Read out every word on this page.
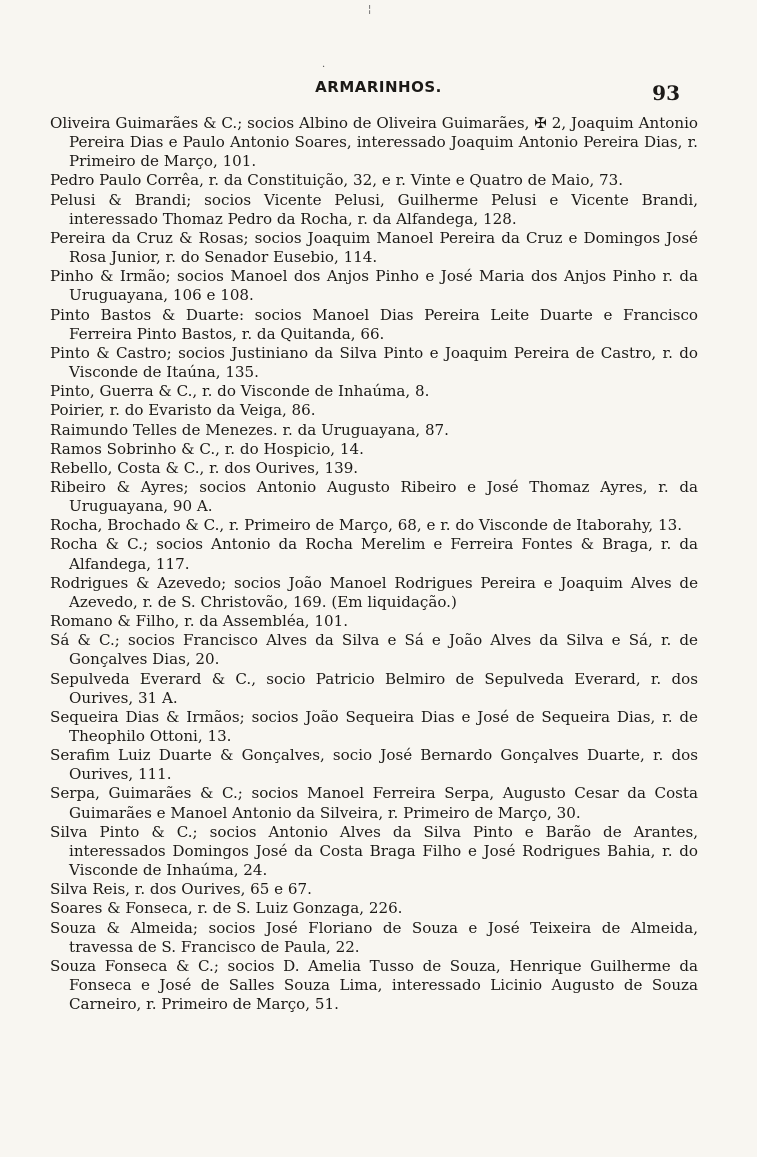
¦
·
ARMARINHOS.	93

Oliveira Guimarães & C.; socios Albino de Oliveira Guimarães, ✠ 2, Joaquim Antonio Pereira Dias e Paulo Antonio Soares, interessado Joaquim Antonio Pereira Dias, r. Primeiro de Março, 101.

Pedro Paulo Corrêa, r. da Constituição, 32, e r. Vinte e Quatro de Maio, 73.

Pelusi & Brandi; socios Vicente Pelusi, Guilherme Pelusi e Vicente Brandi, interessado Thomaz Pedro da Rocha, r. da Alfandega, 128.

Pereira da Cruz & Rosas; socios Joaquim Manoel Pereira da Cruz e Domingos José Rosa Junior, r. do Senador Eusebio, 114.

Pinho & Irmão; socios Manoel dos Anjos Pinho e José Maria dos Anjos Pinho r. da Uruguayana, 106 e 108.

Pinto Bastos & Duarte: socios Manoel Dias Pereira Leite Duarte e Francisco Ferreira Pinto Bastos, r. da Quitanda, 66.

Pinto & Castro; socios Justiniano da Silva Pinto e Joaquim Pereira de Castro, r. do Visconde de Itaúna, 135.

Pinto, Guerra & C., r. do Visconde de Inhaúma, 8.

Poirier, r. do Evaristo da Veiga, 86.

Raimundo Telles de Menezes. r. da Uruguayana, 87.

Ramos Sobrinho & C., r. do Hospicio, 14.

Rebello, Costa & C., r. dos Ourives, 139.

Ribeiro & Ayres; socios Antonio Augusto Ribeiro e José Thomaz Ayres, r. da Uruguayana, 90 A.

Rocha, Brochado & C., r. Primeiro de Março, 68, e r. do Visconde de Itaborahy, 13.

Rocha & C.; socios Antonio da Rocha Merelim e Ferreira Fontes & Braga, r. da Alfandega, 117.

Rodrigues & Azevedo; socios João Manoel Rodrigues Pereira e Joaquim Alves de Azevedo, r. de S. Christovão, 169. (Em liquidação.)

Romano & Filho, r. da Assembléa, 101.

Sá & C.; socios Francisco Alves da Silva e Sá e João Alves da Silva e Sá, r. de Gonçalves Dias, 20.

Sepulveda Everard & C., socio Patricio Belmiro de Sepulveda Everard, r. dos Ourives, 31 A.

Sequeira Dias & Irmãos; socios João Sequeira Dias e José de Sequeira Dias, r. de Theophilo Ottoni, 13.

Serafim Luiz Duarte & Gonçalves, socio José Bernardo Gonçalves Duarte, r. dos Ourives, 111.

Serpa, Guimarães & C.; socios Manoel Ferreira Serpa, Augusto Cesar da Costa Guimarães e Manoel Antonio da Silveira, r. Primeiro de Março, 30.

Silva Pinto & C.; socios Antonio Alves da Silva Pinto e Barão de Arantes, interessados Domingos José da Costa Braga Filho e José Rodrigues Bahia, r. do Visconde de Inhaúma, 24.

Silva Reis, r. dos Ourives, 65 e 67.

Soares & Fonseca, r. de S. Luiz Gonzaga, 226.

Souza & Almeida; socios José Floriano de Souza e José Teixeira de Almeida, travessa de S. Francisco de Paula, 22.

Souza Fonseca & C.; socios D. Amelia Tusso de Souza, Henrique Guilherme da Fonseca e José de Salles Souza Lima, interessado Licinio Augusto de Souza Carneiro, r. Primeiro de Março, 51.
